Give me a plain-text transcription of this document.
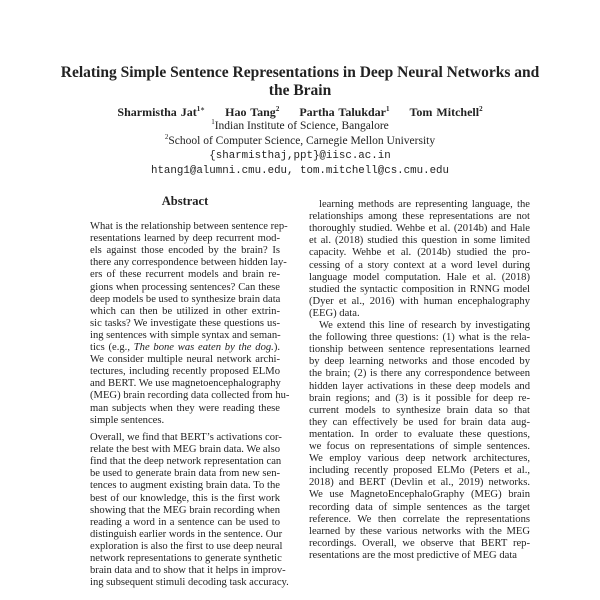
Relating Simple Sentence Representations in Deep Neural Networks and
the Brain
Sharmistha Jat$^{1∗}$ Hao Tang$^2$ Partha Talukdar$^1$ Tom Mitchell$^2$
$^1$Indian Institute of Science, Bangalore
$^2$School of Computer Science, Carnegie Mellon University
{sharmisthaj,ppt}@iisc.ac.in
htang1@alumni.cmu.edu, tom.mitchell@cs.cmu.edu
Abstract
What is the relationship between sentence rep-
resentations learned by deep recurrent mod-
els against those encoded by the brain? Is
there any correspondence between hidden lay-
ers of these recurrent models and brain re-
gions when processing sentences? Can these
deep models be used to synthesize brain data
which can then be utilized in other extrin-
sic tasks? We investigate these questions us-
ing sentences with simple syntax and seman-
tics (e.g., The bone was eaten by the dog.).
We consider multiple neural network archi-
tectures, including recently proposed ELMo
and BERT. We use magnetoencephalography
(MEG) brain recording data collected from hu-
man subjects when they were reading these
simple sentences.
Overall, we find that BERT’s activations cor-
relate the best with MEG brain data. We also
find that the deep network representation can
be used to generate brain data from new sen-
tences to augment existing brain data. To the
best of our knowledge, this is the first work
showing that the MEG brain recording when
reading a word in a sentence can be used to
distinguish earlier words in the sentence. Our
exploration is also the first to use deep neural
network representations to generate synthetic
brain data and to show that it helps in improv-
ing subsequent stimuli decoding task accuracy.
learning methods are representing language, the
relationships among these representations are not
thoroughly studied. Wehbe et al. (2014b) and Hale
et al. (2018) studied this question in some limited
capacity. Wehbe et al. (2014b) studied the pro-
cessing of a story context at a word level during
language model computation. Hale et al. (2018)
studied the syntactic composition in RNNG model
(Dyer et al., 2016) with human encephalography
(EEG) data.
We extend this line of research by investigating
the following three questions: (1) what is the rela-
tionship between sentence representations learned
by deep learning networks and those encoded by
the brain; (2) is there any correspondence between
hidden layer activations in these deep models and
brain regions; and (3) is it possible for deep re-
current models to synthesize brain data so that
they can effectively be used for brain data aug-
mentation. In order to evaluate these questions,
we focus on representations of simple sentences.
We employ various deep network architectures,
including recently proposed ELMo (Peters et al.,
2018) and BERT (Devlin et al., 2019) networks.
We use MagnetoEncephaloGraphy (MEG) brain
recording data of simple sentences as the target
reference. We then correlate the representations
learned by these various networks with the MEG
recordings. Overall, we observe that BERT rep-
resentations are the most predictive of MEG data
